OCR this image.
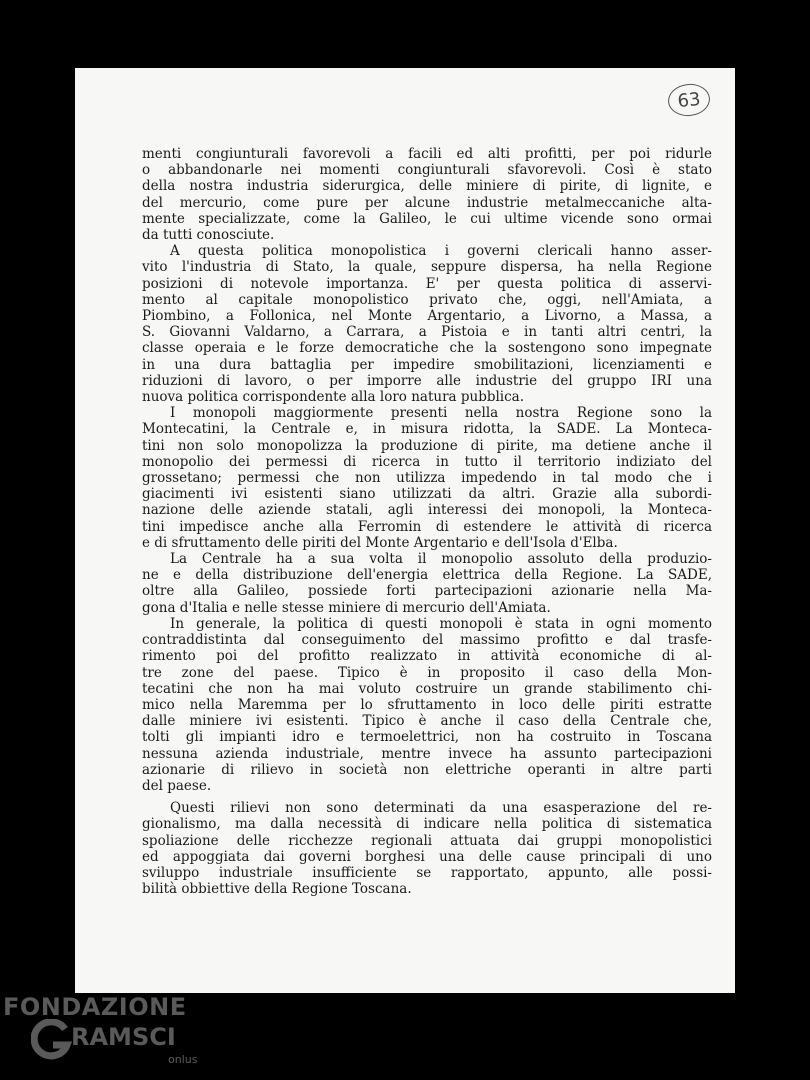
63
menti congiunturali favorevoli a facili ed alti profitti, per poi ridurle
o abbandonarle nei momenti congiunturali sfavorevoli. Così è stato
della nostra industria siderurgica, delle miniere di pirite, di lignite, e
del mercurio, come pure per alcune industrie metalmeccaniche alta-
mente specializzate, come la Galileo, le cui ultime vicende sono ormai
da tutti conosciute.
A questa politica monopolistica i governi clericali hanno asser-
vito l'industria di Stato, la quale, seppure dispersa, ha nella Regione
posizioni di notevole importanza. E' per questa politica di asservi-
mento al capitale monopolistico privato che, oggi, nell'Amiata, a
Piombino, a Follonica, nel Monte Argentario, a Livorno, a Massa, a
S. Giovanni Valdarno, a Carrara, a Pistoia e in tanti altri centri, la
classe operaia e le forze democratiche che la sostengono sono impegnate
in una dura battaglia per impedire smobilitazioni, licenziamenti e
riduzioni di lavoro, o per imporre alle industrie del gruppo IRI una
nuova politica corrispondente alla loro natura pubblica.
I monopoli maggiormente presenti nella nostra Regione sono la
Montecatini, la Centrale e, in misura ridotta, la SADE. La Monteca-
tini non solo monopolizza la produzione di pirite, ma detiene anche il
monopolio dei permessi di ricerca in tutto il territorio indiziato del
grossetano; permessi che non utilizza impedendo in tal modo che i
giacimenti ivi esistenti siano utilizzati da altri. Grazie alla subordi-
nazione delle aziende statali, agli interessi dei monopoli, la Monteca-
tini impedisce anche alla Ferromin di estendere le attività di ricerca
e di sfruttamento delle piriti del Monte Argentario e dell'Isola d'Elba.
La Centrale ha a sua volta il monopolio assoluto della produzio-
ne e della distribuzione dell'energia elettrica della Regione. La SADE,
oltre alla Galileo, possiede forti partecipazioni azionarie nella Ma-
gona d'Italia e nelle stesse miniere di mercurio dell'Amiata.
In generale, la politica di questi monopoli è stata in ogni momento
contraddistinta dal conseguimento del massimo profitto e dal trasfe-
rimento poi del profitto realizzato in attività economiche di al-
tre zone del paese. Tipico è in proposito il caso della Mon-
tecatini che non ha mai voluto costruire un grande stabilimento chi-
mico nella Maremma per lo sfruttamento in loco delle piriti estratte
dalle miniere ivi esistenti. Tipico è anche il caso della Centrale che,
tolti gli impianti idro e termoelettrici, non ha costruito in Toscana
nessuna azienda industriale, mentre invece ha assunto partecipazioni
azionarie di rilievo in società non elettriche operanti in altre parti
del paese.
Questi rilievi non sono determinati da una esasperazione del re-
gionalismo, ma dalla necessità di indicare nella politica di sistematica
spoliazione delle ricchezze regionali attuata dai gruppi monopolistici
ed appoggiata dai governi borghesi una delle cause principali di uno
sviluppo industriale insufficiente se rapportato, appunto, alle possi-
bilità obbiettive della Regione Toscana.
FONDAZIONE
RAMSCI
onlus
